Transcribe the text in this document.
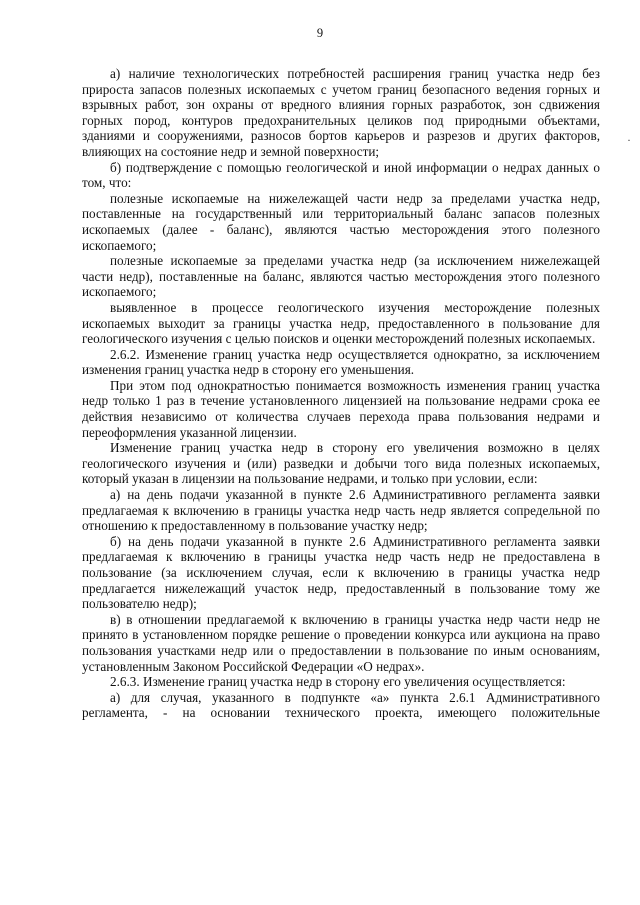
9
·

а) наличие технологических потребностей расширения границ участка недр без прироста запасов полезных ископаемых с учетом границ безопасного ведения горных и взрывных работ, зон охраны от вредного влияния горных разработок, зон сдвижения горных пород, контуров предохранительных целиков под природными объектами, зданиями и сооружениями, разносов бортов карьеров и разрезов и других факторов, влияющих на состояние недр и земной поверхности;

б) подтверждение с помощью геологической и иной информации о недрах данных о том, что:

полезные ископаемые на нижележащей части недр за пределами участка недр, поставленные на государственный или территориальный баланс запасов полезных ископаемых (далее - баланс), являются частью месторождения этого полезного ископаемого;

полезные ископаемые за пределами участка недр (за исключением нижележащей части недр), поставленные на баланс, являются частью месторождения этого полезного ископаемого;

выявленное в процессе геологического изучения месторождение полезных ископаемых выходит за границы участка недр, предоставленного в пользование для геологического изучения с целью поисков и оценки месторождений полезных ископаемых.

2.6.2. Изменение границ участка недр осуществляется однократно, за исключением изменения границ участка недр в сторону его уменьшения.

При этом под однократностью понимается возможность изменения границ участка недр только 1 раз в течение установленного лицензией на пользование недрами срока ее действия независимо от количества случаев перехода права пользования недрами и переоформления указанной лицензии.

Изменение границ участка недр в сторону его увеличения возможно в целях геологического изучения и (или) разведки и добычи того вида полезных ископаемых, который указан в лицензии на пользование недрами, и только при условии, если:

а) на день подачи указанной в пункте 2.6 Административного регламента заявки предлагаемая к включению в границы участка недр часть недр является сопредельной по отношению к предоставленному в пользование участку недр;

б) на день подачи указанной в пункте 2.6 Административного регламента заявки предлагаемая к включению в границы участка недр часть недр не предоставлена в пользование (за исключением случая, если к включению в границы участка недр предлагается нижележащий участок недр, предоставленный в пользование тому же пользователю недр);

в) в отношении предлагаемой к включению в границы участка недр части недр не принято в установленном порядке решение о проведении конкурса или аукциона на право пользования участками недр или о предоставлении в пользование по иным основаниям, установленным Законом Российской Федерации «О недрах».

2.6.3. Изменение границ участка недр в сторону его увеличения осуществляется:

а) для случая, указанного в подпункте «а» пункта 2.6.1 Административного регламента, - на основании технического проекта, имеющего положительные
